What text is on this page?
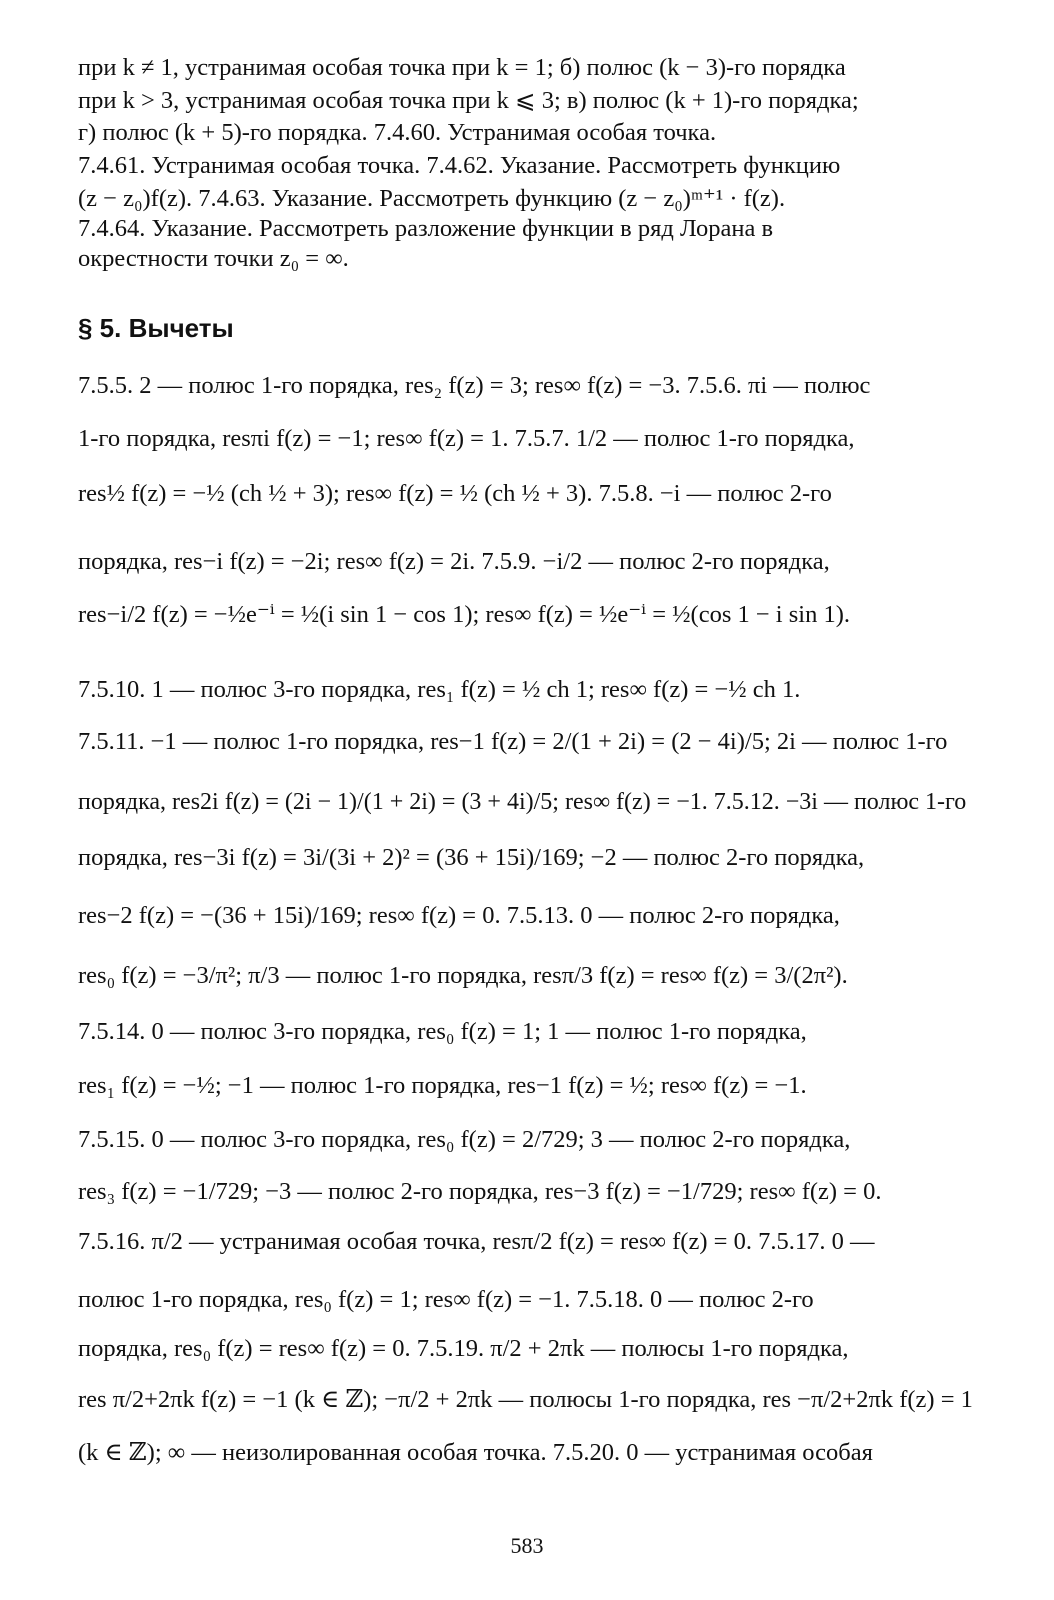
при k ≠ 1, устранимая особая точка при k = 1; б) полюс (k − 3)-го порядка
при k > 3, устранимая особая точка при k ⩽ 3; в) полюс (k + 1)-го порядка;
г) полюс (k + 5)-го порядка. 7.4.60. Устранимая особая точка.
7.4.61. Устранимая особая точка. 7.4.62. Указание. Рассмотреть функцию
(z − z₀)f(z). 7.4.63. Указание. Рассмотреть функцию (z − z₀)ᵐ⁺¹ · f(z).
7.4.64. Указание. Рассмотреть разложение функции в ряд Лорана в
окрестности точки z₀ = ∞.
§ 5. Вычеты
7.5.5. 2 — полюс 1-го порядка, res₂ f(z) = 3; res∞ f(z) = −3. 7.5.6. πi — полюс
1-го порядка, resπi f(z) = −1; res∞ f(z) = 1. 7.5.7. 1/2 — полюс 1-го порядка,
res½ f(z) = −½ (ch ½ + 3); res∞ f(z) = ½ (ch ½ + 3). 7.5.8. −i — полюс 2-го
порядка, res−i f(z) = −2i; res∞ f(z) = 2i. 7.5.9. −i/2 — полюс 2-го порядка,
res−i/2 f(z) = −½e⁻ⁱ = ½(i sin 1 − cos 1); res∞ f(z) = ½e⁻ⁱ = ½(cos 1 − i sin 1).
7.5.10. 1 — полюс 3-го порядка, res₁ f(z) = ½ ch 1; res∞ f(z) = −½ ch 1.
7.5.11. −1 — полюс 1-го порядка, res−1 f(z) = 2/(1 + 2i) = (2 − 4i)/5; 2i — полюс 1-го
порядка, res2i f(z) = (2i − 1)/(1 + 2i) = (3 + 4i)/5; res∞ f(z) = −1. 7.5.12. −3i — полюс 1-го
порядка, res−3i f(z) = 3i/(3i + 2)² = (36 + 15i)/169; −2 — полюс 2-го порядка,
res−2 f(z) = −(36 + 15i)/169; res∞ f(z) = 0. 7.5.13. 0 — полюс 2-го порядка,
res₀ f(z) = −3/π²; π/3 — полюс 1-го порядка, resπ/3 f(z) = res∞ f(z) = 3/(2π²).
7.5.14. 0 — полюс 3-го порядка, res₀ f(z) = 1; 1 — полюс 1-го порядка,
res₁ f(z) = −½; −1 — полюс 1-го порядка, res−1 f(z) = ½; res∞ f(z) = −1.
7.5.15. 0 — полюс 3-го порядка, res₀ f(z) = 2/729; 3 — полюс 2-го порядка,
res₃ f(z) = −1/729; −3 — полюс 2-го порядка, res−3 f(z) = −1/729; res∞ f(z) = 0.
7.5.16. π/2 — устранимая особая точка, resπ/2 f(z) = res∞ f(z) = 0. 7.5.17. 0 —
полюс 1-го порядка, res₀ f(z) = 1; res∞ f(z) = −1. 7.5.18. 0 — полюс 2-го
порядка, res₀ f(z) = res∞ f(z) = 0. 7.5.19. π/2 + 2πk — полюсы 1-го порядка,
res π/2+2πk f(z) = −1 (k ∈ ℤ); −π/2 + 2πk — полюсы 1-го порядка, res −π/2+2πk f(z) = 1
(k ∈ ℤ); ∞ — неизолированная особая точка. 7.5.20. 0 — устранимая особая
583
